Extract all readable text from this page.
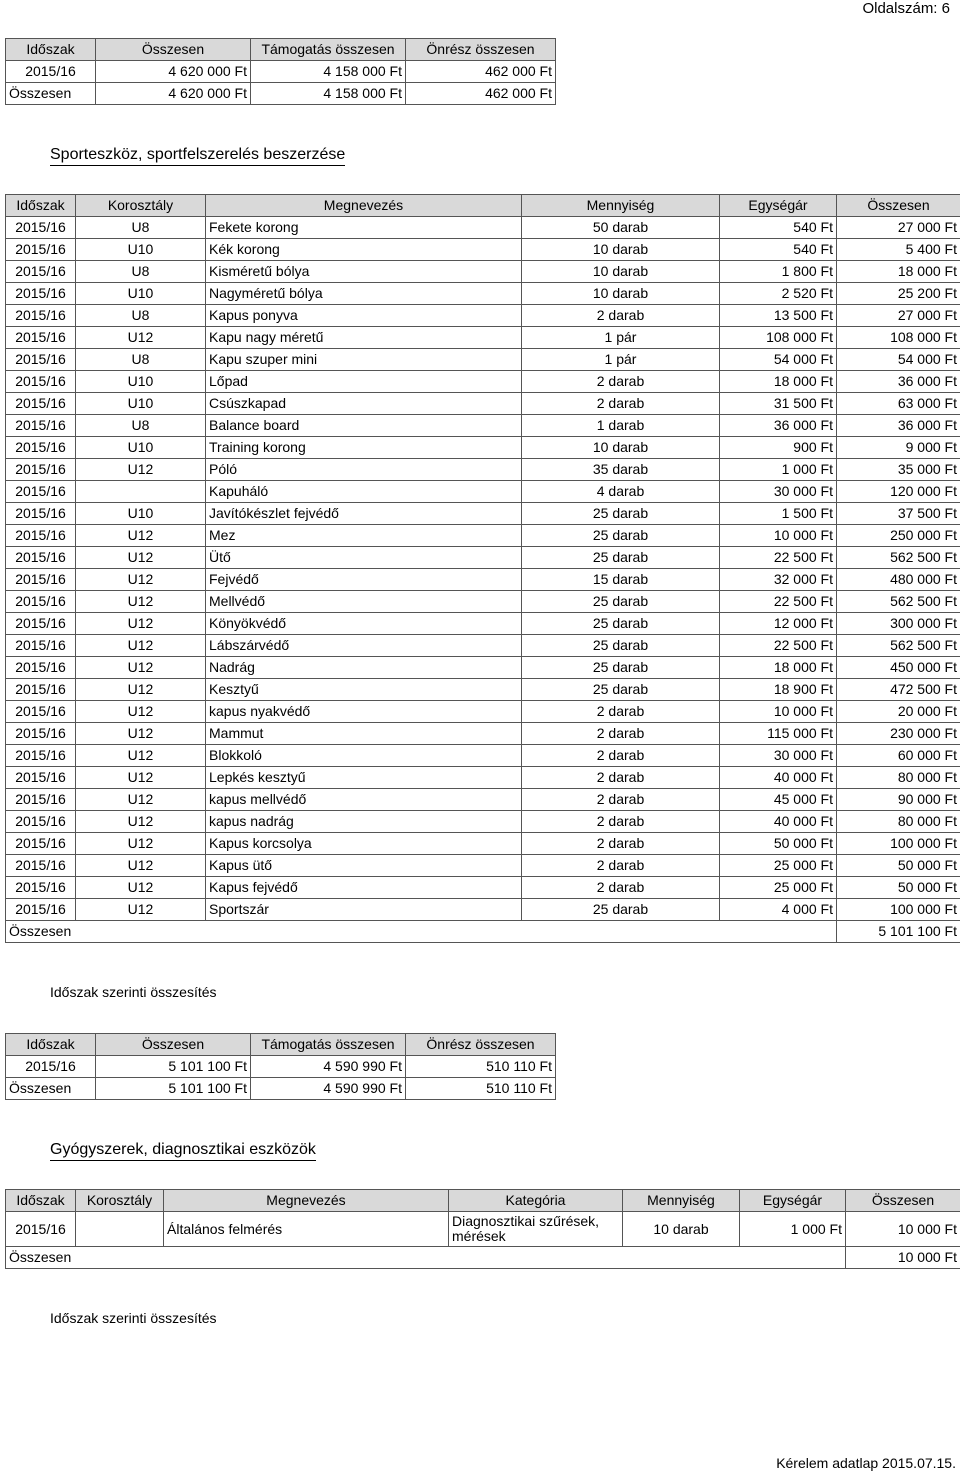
Oldalszám: 6
Időszak	Összesen	Támogatás összesen	Önrész összesen
2015/16	4 620 000 Ft	4 158 000 Ft	462 000 Ft
Összesen	4 620 000 Ft	4 158 000 Ft	462 000 Ft
Sporteszköz, sportfelszerelés beszerzése
Időszak	Korosztály	Megnevezés	Mennyiség	Egységár	Összesen
2015/16	U8	Fekete korong	50 darab	540 Ft	27 000 Ft
2015/16	U10	Kék korong	10 darab	540 Ft	5 400 Ft
2015/16	U8	Kisméretű bólya	10 darab	1 800 Ft	18 000 Ft
2015/16	U10	Nagyméretű bólya	10 darab	2 520 Ft	25 200 Ft
2015/16	U8	Kapus ponyva	2 darab	13 500 Ft	27 000 Ft
2015/16	U12	Kapu nagy méretű	1 pár	108 000 Ft	108 000 Ft
2015/16	U8	Kapu szuper mini	1 pár	54 000 Ft	54 000 Ft
2015/16	U10	Lőpad	2 darab	18 000 Ft	36 000 Ft
2015/16	U10	Csúszkapad	2 darab	31 500 Ft	63 000 Ft
2015/16	U8	Balance board	1 darab	36 000 Ft	36 000 Ft
2015/16	U10	Training korong	10 darab	900 Ft	9 000 Ft
2015/16	U12	Póló	35 darab	1 000 Ft	35 000 Ft
2015/16		Kapuháló	4 darab	30 000 Ft	120 000 Ft
2015/16	U10	Javítókészlet fejvédő	25 darab	1 500 Ft	37 500 Ft
2015/16	U12	Mez	25 darab	10 000 Ft	250 000 Ft
2015/16	U12	Ütő	25 darab	22 500 Ft	562 500 Ft
2015/16	U12	Fejvédő	15 darab	32 000 Ft	480 000 Ft
2015/16	U12	Mellvédő	25 darab	22 500 Ft	562 500 Ft
2015/16	U12	Könyökvédő	25 darab	12 000 Ft	300 000 Ft
2015/16	U12	Lábszárvédő	25 darab	22 500 Ft	562 500 Ft
2015/16	U12	Nadrág	25 darab	18 000 Ft	450 000 Ft
2015/16	U12	Kesztyű	25 darab	18 900 Ft	472 500 Ft
2015/16	U12	kapus nyakvédő	2 darab	10 000 Ft	20 000 Ft
2015/16	U12	Mammut	2 darab	115 000 Ft	230 000 Ft
2015/16	U12	Blokkoló	2 darab	30 000 Ft	60 000 Ft
2015/16	U12	Lepkés kesztyű	2 darab	40 000 Ft	80 000 Ft
2015/16	U12	kapus mellvédő	2 darab	45 000 Ft	90 000 Ft
2015/16	U12	kapus nadrág	2 darab	40 000 Ft	80 000 Ft
2015/16	U12	Kapus korcsolya	2 darab	50 000 Ft	100 000 Ft
2015/16	U12	Kapus ütő	2 darab	25 000 Ft	50 000 Ft
2015/16	U12	Kapus fejvédő	2 darab	25 000 Ft	50 000 Ft
2015/16	U12	Sportszár	25 darab	4 000 Ft	100 000 Ft
Összesen					5 101 100 Ft
Időszak szerinti összesítés
Időszak	Összesen	Támogatás összesen	Önrész összesen
2015/16	5 101 100 Ft	4 590 990 Ft	510 110 Ft
Összesen	5 101 100 Ft	4 590 990 Ft	510 110 Ft
Gyógyszerek, diagnosztikai eszközök
Időszak	Korosztály	Megnevezés	Kategória	Mennyiség	Egységár	Összesen
2015/16		Általános felmérés	Diagnosztikai szűrések, mérések	10 darab	1 000 Ft	10 000 Ft
Összesen						10 000 Ft
Időszak szerinti összesítés
Kérelem adatlap 2015.07.15.
